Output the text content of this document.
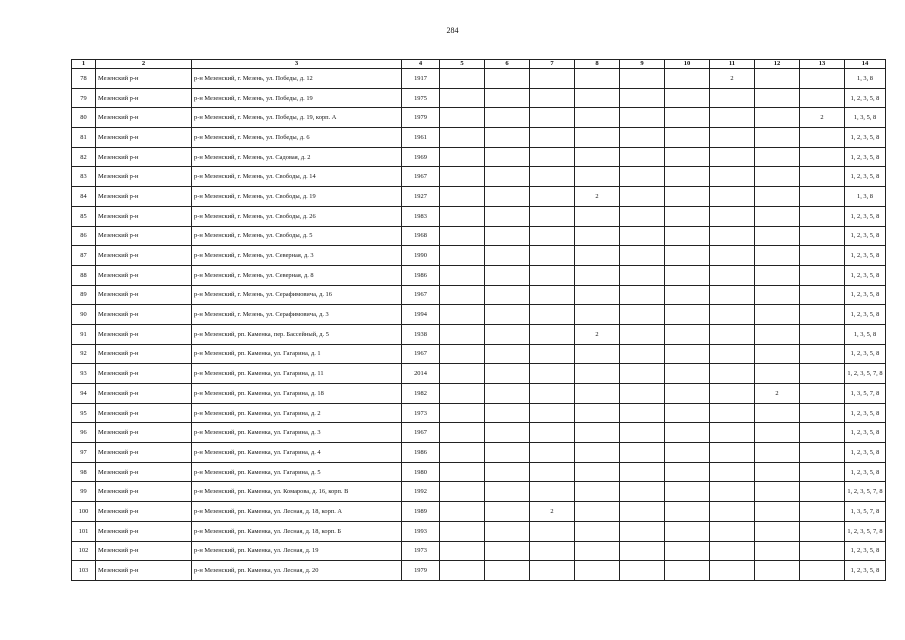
284
1	2	3	4	5	6	7	8	9	10	11	12	13	14
78	Мезенский р-н	р-н Мезенский, г. Мезень, ул. Победы, д. 12	1917							2			1, 3, 8
79	Мезенский р-н	р-н Мезенский, г. Мезень, ул. Победы, д. 19	1975										1, 2, 3, 5, 8
80	Мезенский р-н	р-н Мезенский, г. Мезень, ул. Победы, д. 19, корп. А	1979									2	1, 3, 5, 8
81	Мезенский р-н	р-н Мезенский, г. Мезень, ул. Победы, д. 6	1961										1, 2, 3, 5, 8
82	Мезенский р-н	р-н Мезенский, г. Мезень, ул. Садовая, д. 2	1969										1, 2, 3, 5, 8
83	Мезенский р-н	р-н Мезенский, г. Мезень, ул. Свободы, д. 14	1967										1, 2, 3, 5, 8
84	Мезенский р-н	р-н Мезенский, г. Мезень, ул. Свободы, д. 19	1927				2						1, 3, 8
85	Мезенский р-н	р-н Мезенский, г. Мезень, ул. Свободы, д. 26	1983										1, 2, 3, 5, 8
86	Мезенский р-н	р-н Мезенский, г. Мезень, ул. Свободы, д. 5	1968										1, 2, 3, 5, 8
87	Мезенский р-н	р-н Мезенский, г. Мезень, ул. Северная, д. 3	1990										1, 2, 3, 5, 8
88	Мезенский р-н	р-н Мезенский, г. Мезень, ул. Северная, д. 8	1986										1, 2, 3, 5, 8
89	Мезенский р-н	р-н Мезенский, г. Мезень, ул. Серафимовича, д. 16	1967										1, 2, 3, 5, 8
90	Мезенский р-н	р-н Мезенский, г. Мезень, ул. Серафимовича, д. 3	1994										1, 2, 3, 5, 8
91	Мезенский р-н	р-н Мезенский, рп. Каменка, пер. Бассейный, д. 5	1938				2						1, 3, 5, 8
92	Мезенский р-н	р-н Мезенский, рп. Каменка, ул. Гагарина, д. 1	1967										1, 2, 3, 5, 8
93	Мезенский р-н	р-н Мезенский, рп. Каменка, ул. Гагарина, д. 11	2014										1, 2, 3, 5, 7, 8
94	Мезенский р-н	р-н Мезенский, рп. Каменка, ул. Гагарина, д. 18	1982								2		1, 3, 5, 7, 8
95	Мезенский р-н	р-н Мезенский, рп. Каменка, ул. Гагарина, д. 2	1973										1, 2, 3, 5, 8
96	Мезенский р-н	р-н Мезенский, рп. Каменка, ул. Гагарина, д. 3	1967										1, 2, 3, 5, 8
97	Мезенский р-н	р-н Мезенский, рп. Каменка, ул. Гагарина, д. 4	1986										1, 2, 3, 5, 8
98	Мезенский р-н	р-н Мезенский, рп. Каменка, ул. Гагарина, д. 5	1980										1, 2, 3, 5, 8
99	Мезенский р-н	р-н Мезенский, рп. Каменка, ул. Комарова, д. 16, корп. В	1992										1, 2, 3, 5, 7, 8
100	Мезенский р-н	р-н Мезенский, рп. Каменка, ул. Лесная, д. 18, корп. А	1989			2							1, 3, 5, 7, 8
101	Мезенский р-н	р-н Мезенский, рп. Каменка, ул. Лесная, д. 18, корп. Б	1993										1, 2, 3, 5, 7, 8
102	Мезенский р-н	р-н Мезенский, рп. Каменка, ул. Лесная, д. 19	1973										1, 2, 3, 5, 8
103	Мезенский р-н	р-н Мезенский, рп. Каменка, ул. Лесная, д. 20	1979										1, 2, 3, 5, 8
